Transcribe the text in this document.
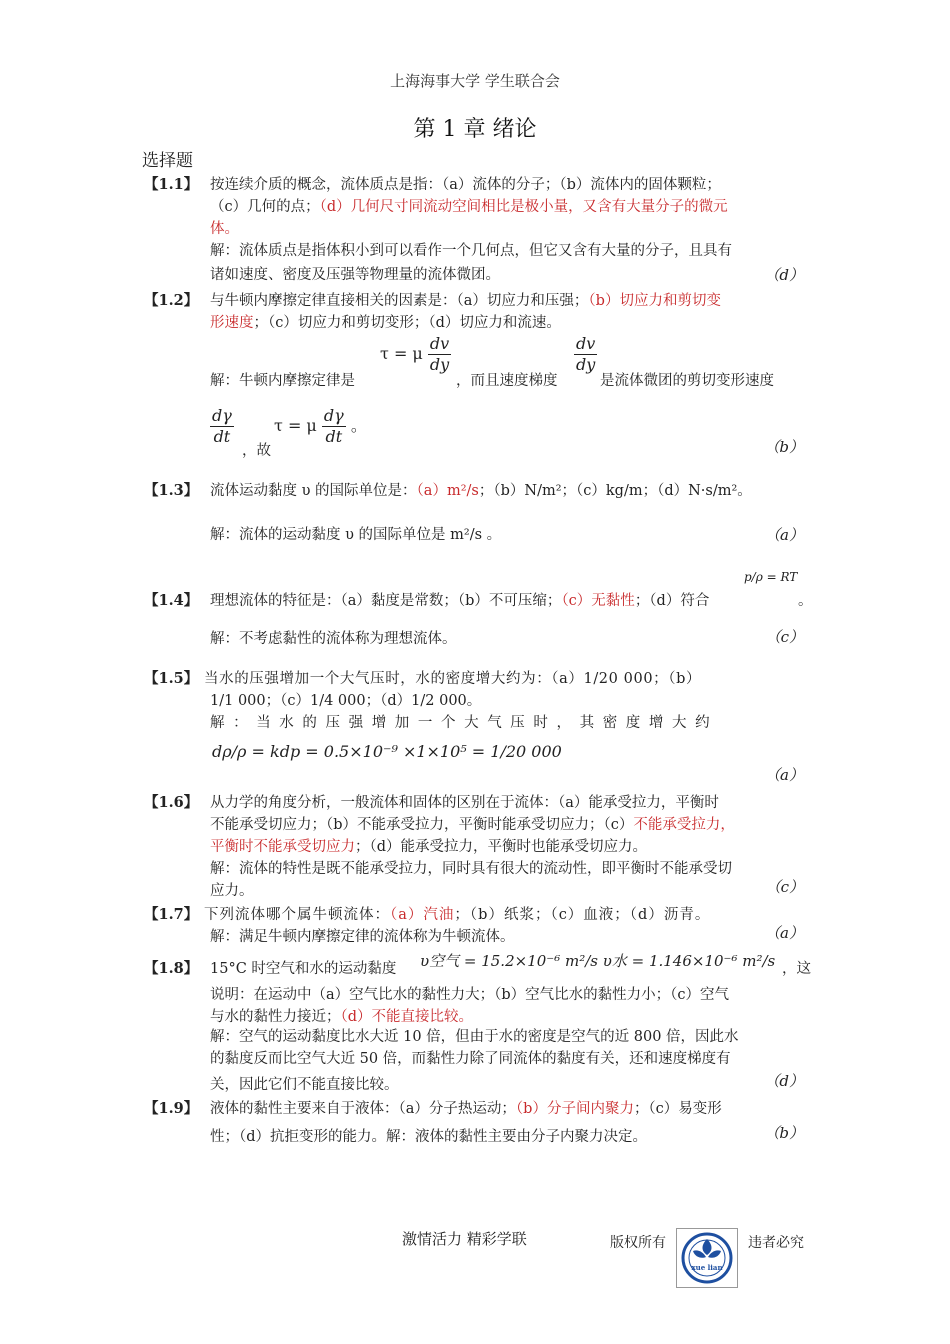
上海海事大学 学生联合会
第 1 章 绪论
选择题
【1.1】 按连续介质的概念，流体质点是指：（a）流体的分子；（b）流体内的固体颗粒；
（c）几何的点；（d）几何尺寸同流动空间相比是极小量，又含有大量分子的微元
体。
解：流体质点是指体积小到可以看作一个几何点，但它又含有大量的分子，且具有
诸如速度、密度及压强等物理量的流体微团。	（d）
【1.2】 与牛顿内摩擦定律直接相关的因素是：（a）切应力和压强；（b）切应力和剪切变
形速度；（c）切应力和剪切变形；（d）切应力和流速。
解：牛顿内摩擦定律是
τ = μ $\frac{dv}{dy}$
，而且速度梯度
$\frac{dv}{dy}$
是流体微团的剪切变形速度
$\frac{d\gamma}{dt}$
，故
τ = μ $\frac{d\gamma}{dt}$ 。
（b）
【1.3】 流体运动黏度 υ 的国际单位是：（a）m²/s；（b）N/m²；（c）kg/m；（d）N·s/m²。
解：流体的运动黏度 υ 的国际单位是 m²/s 。	（a）
【1.4】 理想流体的特征是：（a）黏度是常数；（b）不可压缩；（c）无黏性；（d）符合
p/ρ = RT
。
解：不考虑黏性的流体称为理想流体。	（c）
【1.5】 当水的压强增加一个大气压时，水的密度增大约为：（a）1/20 000；（b）
1/1 000；（c）1/4 000；（d）1/2 000。
解：当水的压强增加一个大气压时，其密度增大约
dρ/ρ = kdp = 0.5×10⁻⁹ ×1×10⁵ = 1/20 000
（a）
【1.6】 从力学的角度分析，一般流体和固体的区别在于流体：（a）能承受拉力，平衡时
不能承受切应力；（b）不能承受拉力，平衡时能承受切应力；（c）不能承受拉力，
平衡时不能承受切应力；（d）能承受拉力，平衡时也能承受切应力。
解：流体的特性是既不能承受拉力，同时具有很大的流动性，即平衡时不能承受切
应力。	（c）
【1.7】 下列流体哪个属牛顿流体：（a）汽油；（b）纸浆；（c）血液；（d）沥青。
解：满足牛顿内摩擦定律的流体称为牛顿流体。	（a）
【1.8】 15°C 时空气和水的运动黏度 υ空气 = 15.2×10⁻⁶ m²/s υ水 = 1.146×10⁻⁶ m²/s ，这
说明：在运动中（a）空气比水的黏性力大；（b）空气比水的黏性力小；（c）空气
与水的黏性力接近；（d）不能直接比较。
解：空气的运动黏度比水大近 10 倍，但由于水的密度是空气的近 800 倍，因此水
的黏度反而比空气大近 50 倍，而黏性力除了同流体的黏度有关，还和速度梯度有
关，因此它们不能直接比较。	（d）
【1.9】 液体的黏性主要来自于液体：（a）分子热运动；（b）分子间内聚力；（c）易变形
性；（d）抗拒变形的能力。解：液体的黏性主要由分子内聚力决定。	（b）
激情活力 精彩学联	版权所有
xue lian
违者必究
